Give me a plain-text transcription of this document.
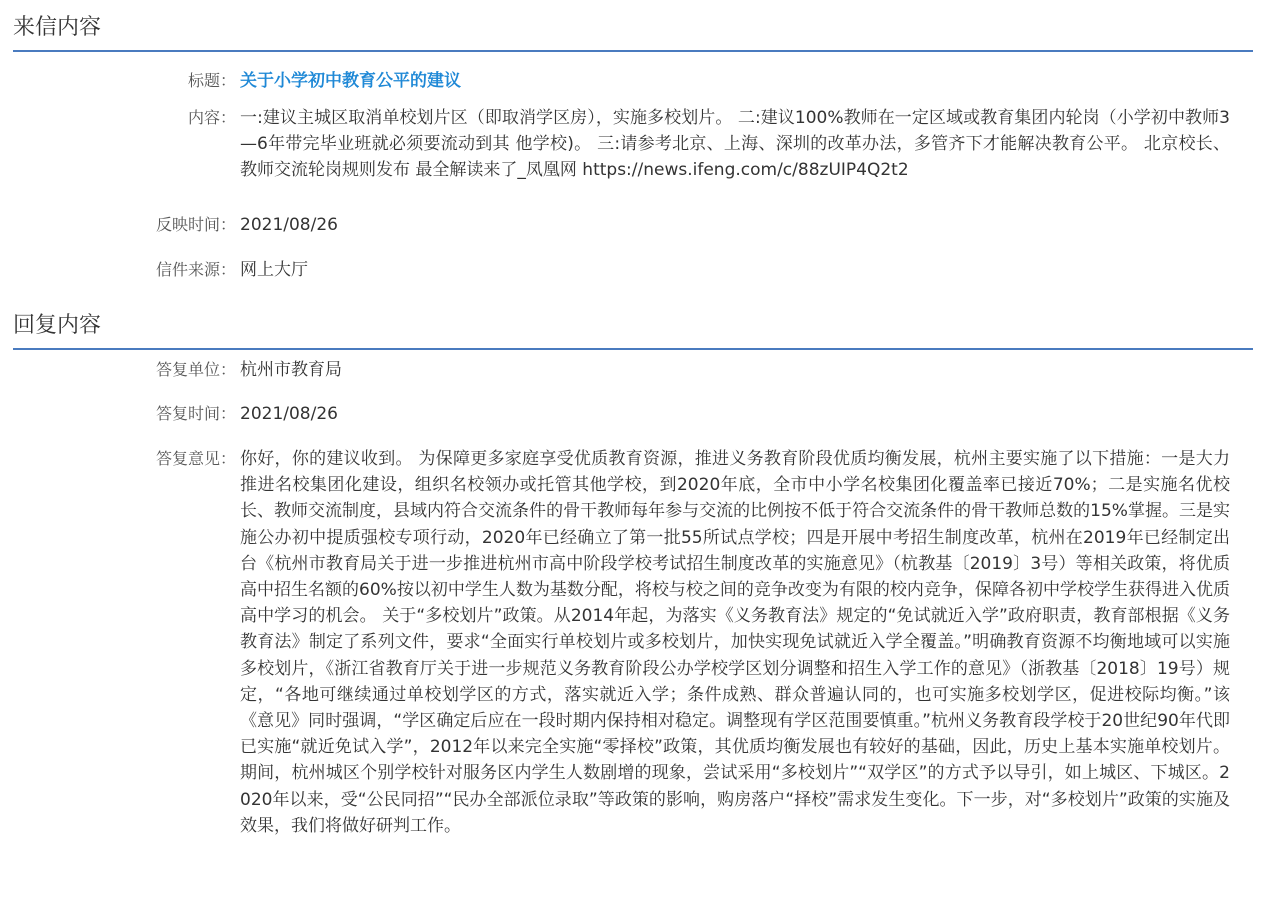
来信内容
标题： 关于小学初中教育公平的建议
内容： 一:建议主城区取消单校划片区（即取消学区房），实施多校划片。 二:建议100%教师在一定区域或教育集团内轮岗（小学初中教师3—6年带完毕业班就必须要流动到其 他学校)。 三:请参考北京、上海、深圳的改革办法，多管齐下才能解决教育公平。 北京校长、教师交流轮岗规则发布 最全解读来了_凤凰网 https://news.ifeng.com/c/88zUIP4Q2t2
反映时间： 2021/08/26
信件来源： 网上大厅
回复内容
答复单位： 杭州市教育局
答复时间： 2021/08/26
答复意见： 你好，你的建议收到。 为保障更多家庭享受优质教育资源，推进义务教育阶段优质均衡发展，杭州主要实施了以下措施：一是大力推进名校集团化建设，组织名校领办或托管其他学校，到2020年底，全市中小学名校集团化覆盖率已接近70%；二是实施名优校长、教师交流制度，县域内符合交流条件的骨干教师每年参与交流的比例按不低于符合交流条件的骨干教师总数的15%掌握。三是实施公办初中提质强校专项行动，2020年已经确立了第一批55所试点学校；四是开展中考招生制度改革，杭州在2019年已经制定出台《杭州市教育局关于进一步推进杭州市高中阶段学校考试招生制度改革的实施意见》（杭教基〔2019〕3号）等相关政策，将优质高中招生名额的60%按以初中学生人数为基数分配，将校与校之间的竞争改变为有限的校内竞争，保障各初中学校学生获得进入优质高中学习的机会。 关于“多校划片”政策。从2014年起，为落实《义务教育法》规定的“免试就近入学”政府职责，教育部根据《义务教育法》制定了系列文件，要求“全面实行单校划片或多校划片，加快实现免试就近入学全覆盖。”明确教育资源不均衡地域可以实施多校划片，《浙江省教育厅关于进一步规范义务教育阶段公办学校学区划分调整和招生入学工作的意见》（浙教基〔2018〕19号）规定，“各地可继续通过单校划学区的方式，落实就近入学；条件成熟、群众普遍认同的，也可实施多校划学区，促进校际均衡。”该《意见》同时强调，“学区确定后应在一段时期内保持相对稳定。调整现有学区范围要慎重。”杭州义务教育段学校于20世纪90年代即已实施“就近免试入学”，2012年以来完全实施“零择校”政策，其优质均衡发展也有较好的基础，因此，历史上基本实施单校划片。 期间，杭州城区个别学校针对服务区内学生人数剧增的现象，尝试采用“多校划片”“双学区”的方式予以导引，如上城区、下城区。2020年以来，受“公民同招”“民办全部派位录取”等政策的影响，购房落户“择校”需求发生变化。下一步，对“多校划片”政策的实施及效果，我们将做好研判工作。
